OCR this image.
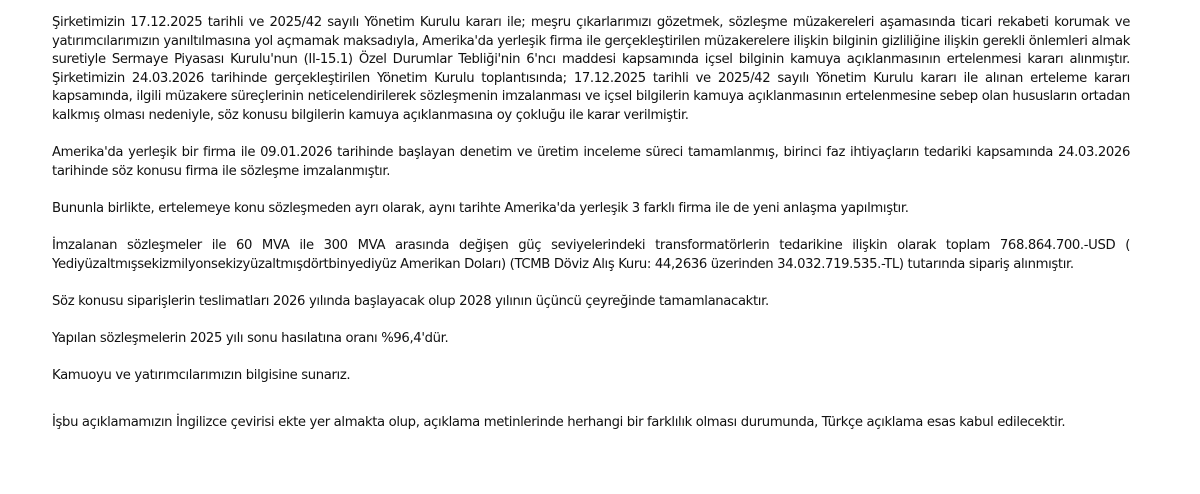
Şirketimizin 17.12.2025 tarihli ve 2025/42 sayılı Yönetim Kurulu kararı ile; meşru çıkarlarımızı gözetmek, sözleşme müzakereleri aşamasında ticari rekabeti korumak ve yatırımcılarımızın yanıltılmasına yol açmamak maksadıyla, Amerika'da yerleşik firma ile gerçekleştirilen müzakerelere ilişkin bilginin gizliliğine ilişkin gerekli önlemleri almak suretiyle Sermaye Piyasası Kurulu'nun (II-15.1) Özel Durumlar Tebliği'nin 6'ncı maddesi kapsamında içsel bilginin kamuya açıklanmasının ertelenmesi kararı alınmıştır. Şirketimizin 24.03.2026 tarihinde gerçekleştirilen Yönetim Kurulu toplantısında; 17.12.2025 tarihli ve 2025/42 sayılı Yönetim Kurulu kararı ile alınan erteleme kararı kapsamında, ilgili müzakere süreçlerinin neticelendirilerek sözleşmenin imzalanması ve içsel bilgilerin kamuya açıklanmasının ertelenmesine sebep olan hususların ortadan kalkmış olması nedeniyle, söz konusu bilgilerin kamuya açıklanmasına oy çokluğu ile karar verilmiştir.

Amerika'da yerleşik bir firma ile 09.01.2026 tarihinde başlayan denetim ve üretim inceleme süreci tamamlanmış, birinci faz ihtiyaçların tedariki kapsamında 24.03.2026 tarihinde söz konusu firma ile sözleşme imzalanmıştır.

Bununla birlikte, ertelemeye konu sözleşmeden ayrı olarak, aynı tarihte Amerika'da yerleşik 3 farklı firma ile de yeni anlaşma yapılmıştır.

İmzalanan sözleşmeler ile 60 MVA ile 300 MVA arasında değişen güç seviyelerindeki transformatörlerin tedarikine ilişkin olarak toplam 768.864.700.-USD ( Yediyüzaltmışsekizmilyonsekizyüzaltmışdörtbinyediyüz Amerikan Doları) (TCMB Döviz Alış Kuru: 44,2636 üzerinden 34.032.719.535.-TL) tutarında sipariş alınmıştır.

Söz konusu siparişlerin teslimatları 2026 yılında başlayacak olup 2028 yılının üçüncü çeyreğinde tamamlanacaktır.

Yapılan sözleşmelerin 2025 yılı sonu hasılatına oranı %96,4'dür.

Kamuoyu ve yatırımcılarımızın bilgisine sunarız.

İşbu açıklamamızın İngilizce çevirisi ekte yer almakta olup, açıklama metinlerinde herhangi bir farklılık olması durumunda, Türkçe açıklama esas kabul edilecektir.
